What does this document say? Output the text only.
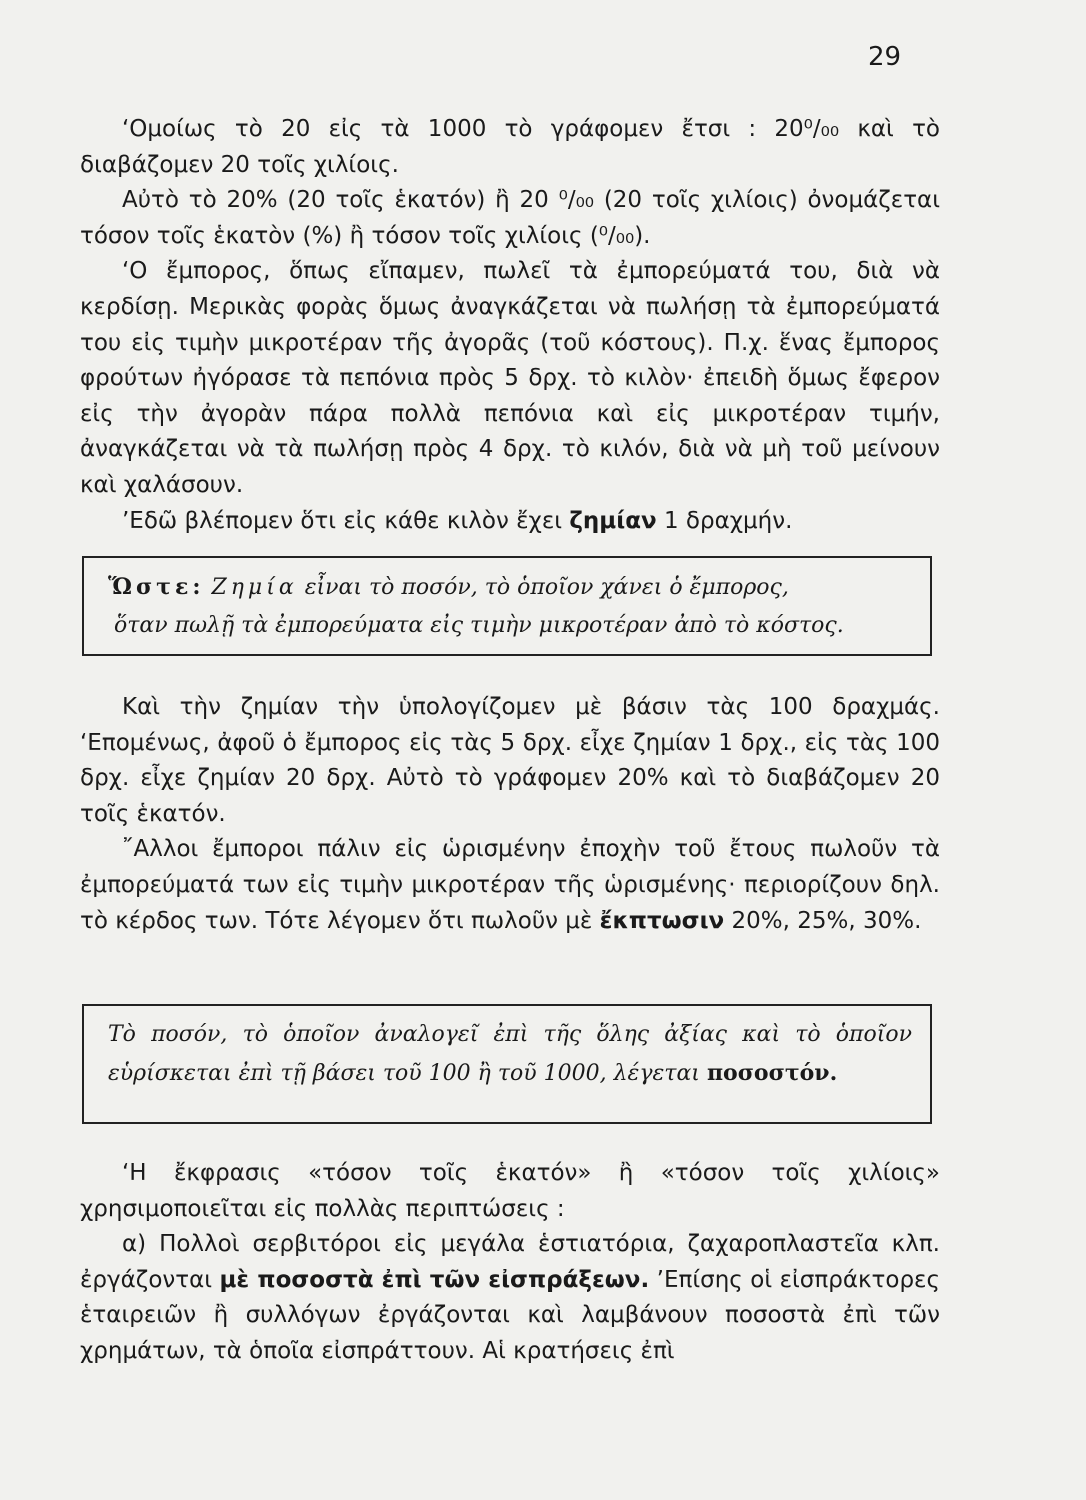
29

‘Ομοίως τὸ 20 εἰς τὰ 1000 τὸ γράφομεν ἔτσι : 20⁰/₀₀ καὶ τὸ διαβάζομεν 20 τοῖς χιλίοις.

Αὐτὸ τὸ 20% (20 τοῖς ἑκατόν) ἢ 20 ⁰/₀₀ (20 τοῖς χιλίοις) ὀνομάζεται τόσον τοῖς ἑκατὸν (%) ἢ τόσον τοῖς χιλίοις (⁰/₀₀).

‘Ο ἔμπορος, ὅπως εἴπαμεν, πωλεῖ τὰ ἐμπορεύματά του, διὰ νὰ κερδίσῃ. Μερικὰς φορὰς ὅμως ἀναγκάζεται νὰ πωλήσῃ τὰ ἐμπορεύματά του εἰς τιμὴν μικροτέραν τῆς ἀγορᾶς (τοῦ κόστους). Π.χ. ἕνας ἔμπορος φρούτων ἠγόρασε τὰ πεπόνια πρὸς 5 δρχ. τὸ κιλὸν· ἐπειδὴ ὅμως ἔφερον εἰς τὴν ἀγορὰν πάρα πολλὰ πεπόνια καὶ εἰς μικροτέραν τιμήν, ἀναγκάζεται νὰ τὰ πωλήσῃ πρὸς 4 δρχ. τὸ κιλόν, διὰ νὰ μὴ τοῦ μείνουν καὶ χαλάσουν.

’Εδῶ βλέπομεν ὅτι εἰς κάθε κιλὸν ἔχει ζημίαν 1 δραχμήν.

Ὥστε: Ζημία εἶναι τὸ ποσόν, τὸ ὁποῖον χάνει ὁ ἔμπορος,
ὅταν πωλῇ τὰ ἐμπορεύματα εἰς τιμὴν μικροτέραν ἀπὸ τὸ κόστος.

Καὶ τὴν ζημίαν τὴν ὑπολογίζομεν μὲ βάσιν τὰς 100 δραχμάς. ‘Επομένως, ἀφοῦ ὁ ἔμπορος εἰς τὰς 5 δρχ. εἶχε ζημίαν 1 δρχ., εἰς τὰς 100 δρχ. εἶχε ζημίαν 20 δρχ. Αὐτὸ τὸ γράφομεν 20% καὶ τὸ διαβάζομεν 20 τοῖς ἑκατόν.

῎Αλλοι ἔμποροι πάλιν εἰς ὡρισμένην ἐποχὴν τοῦ ἔτους πωλοῦν τὰ ἐμπορεύματά των εἰς τιμὴν μικροτέραν τῆς ὡρισμένης· περιορίζουν δηλ. τὸ κέρδος των. Τότε λέγομεν ὅτι πωλοῦν μὲ ἔκπτωσιν 20%, 25%, 30%.

Τὸ ποσόν, τὸ ὁποῖον ἀναλογεῖ ἐπὶ τῆς ὅλης ἀξίας καὶ τὸ ὁποῖον εὑρίσκεται ἐπὶ τῇ βάσει τοῦ 100 ἢ τοῦ 1000, λέγεται ποσοστόν.

‘Η ἔκφρασις «τόσον τοῖς ἑκατόν» ἢ «τόσον τοῖς χιλίοις» χρησιμοποιεῖται εἰς πολλὰς περιπτώσεις :

α) Πολλοὶ σερβιτόροι εἰς μεγάλα ἑστιατόρια, ζαχαροπλαστεῖα κλπ. ἐργάζονται μὲ ποσοστὰ ἐπὶ τῶν εἰσπράξεων. ’Επίσης οἱ εἰσπράκτορες ἑταιρειῶν ἢ συλλόγων ἐργάζονται καὶ λαμβάνουν ποσοστὰ ἐπὶ τῶν χρημάτων, τὰ ὁποῖα εἰσπράττουν. Αἱ κρατήσεις ἐπὶ
